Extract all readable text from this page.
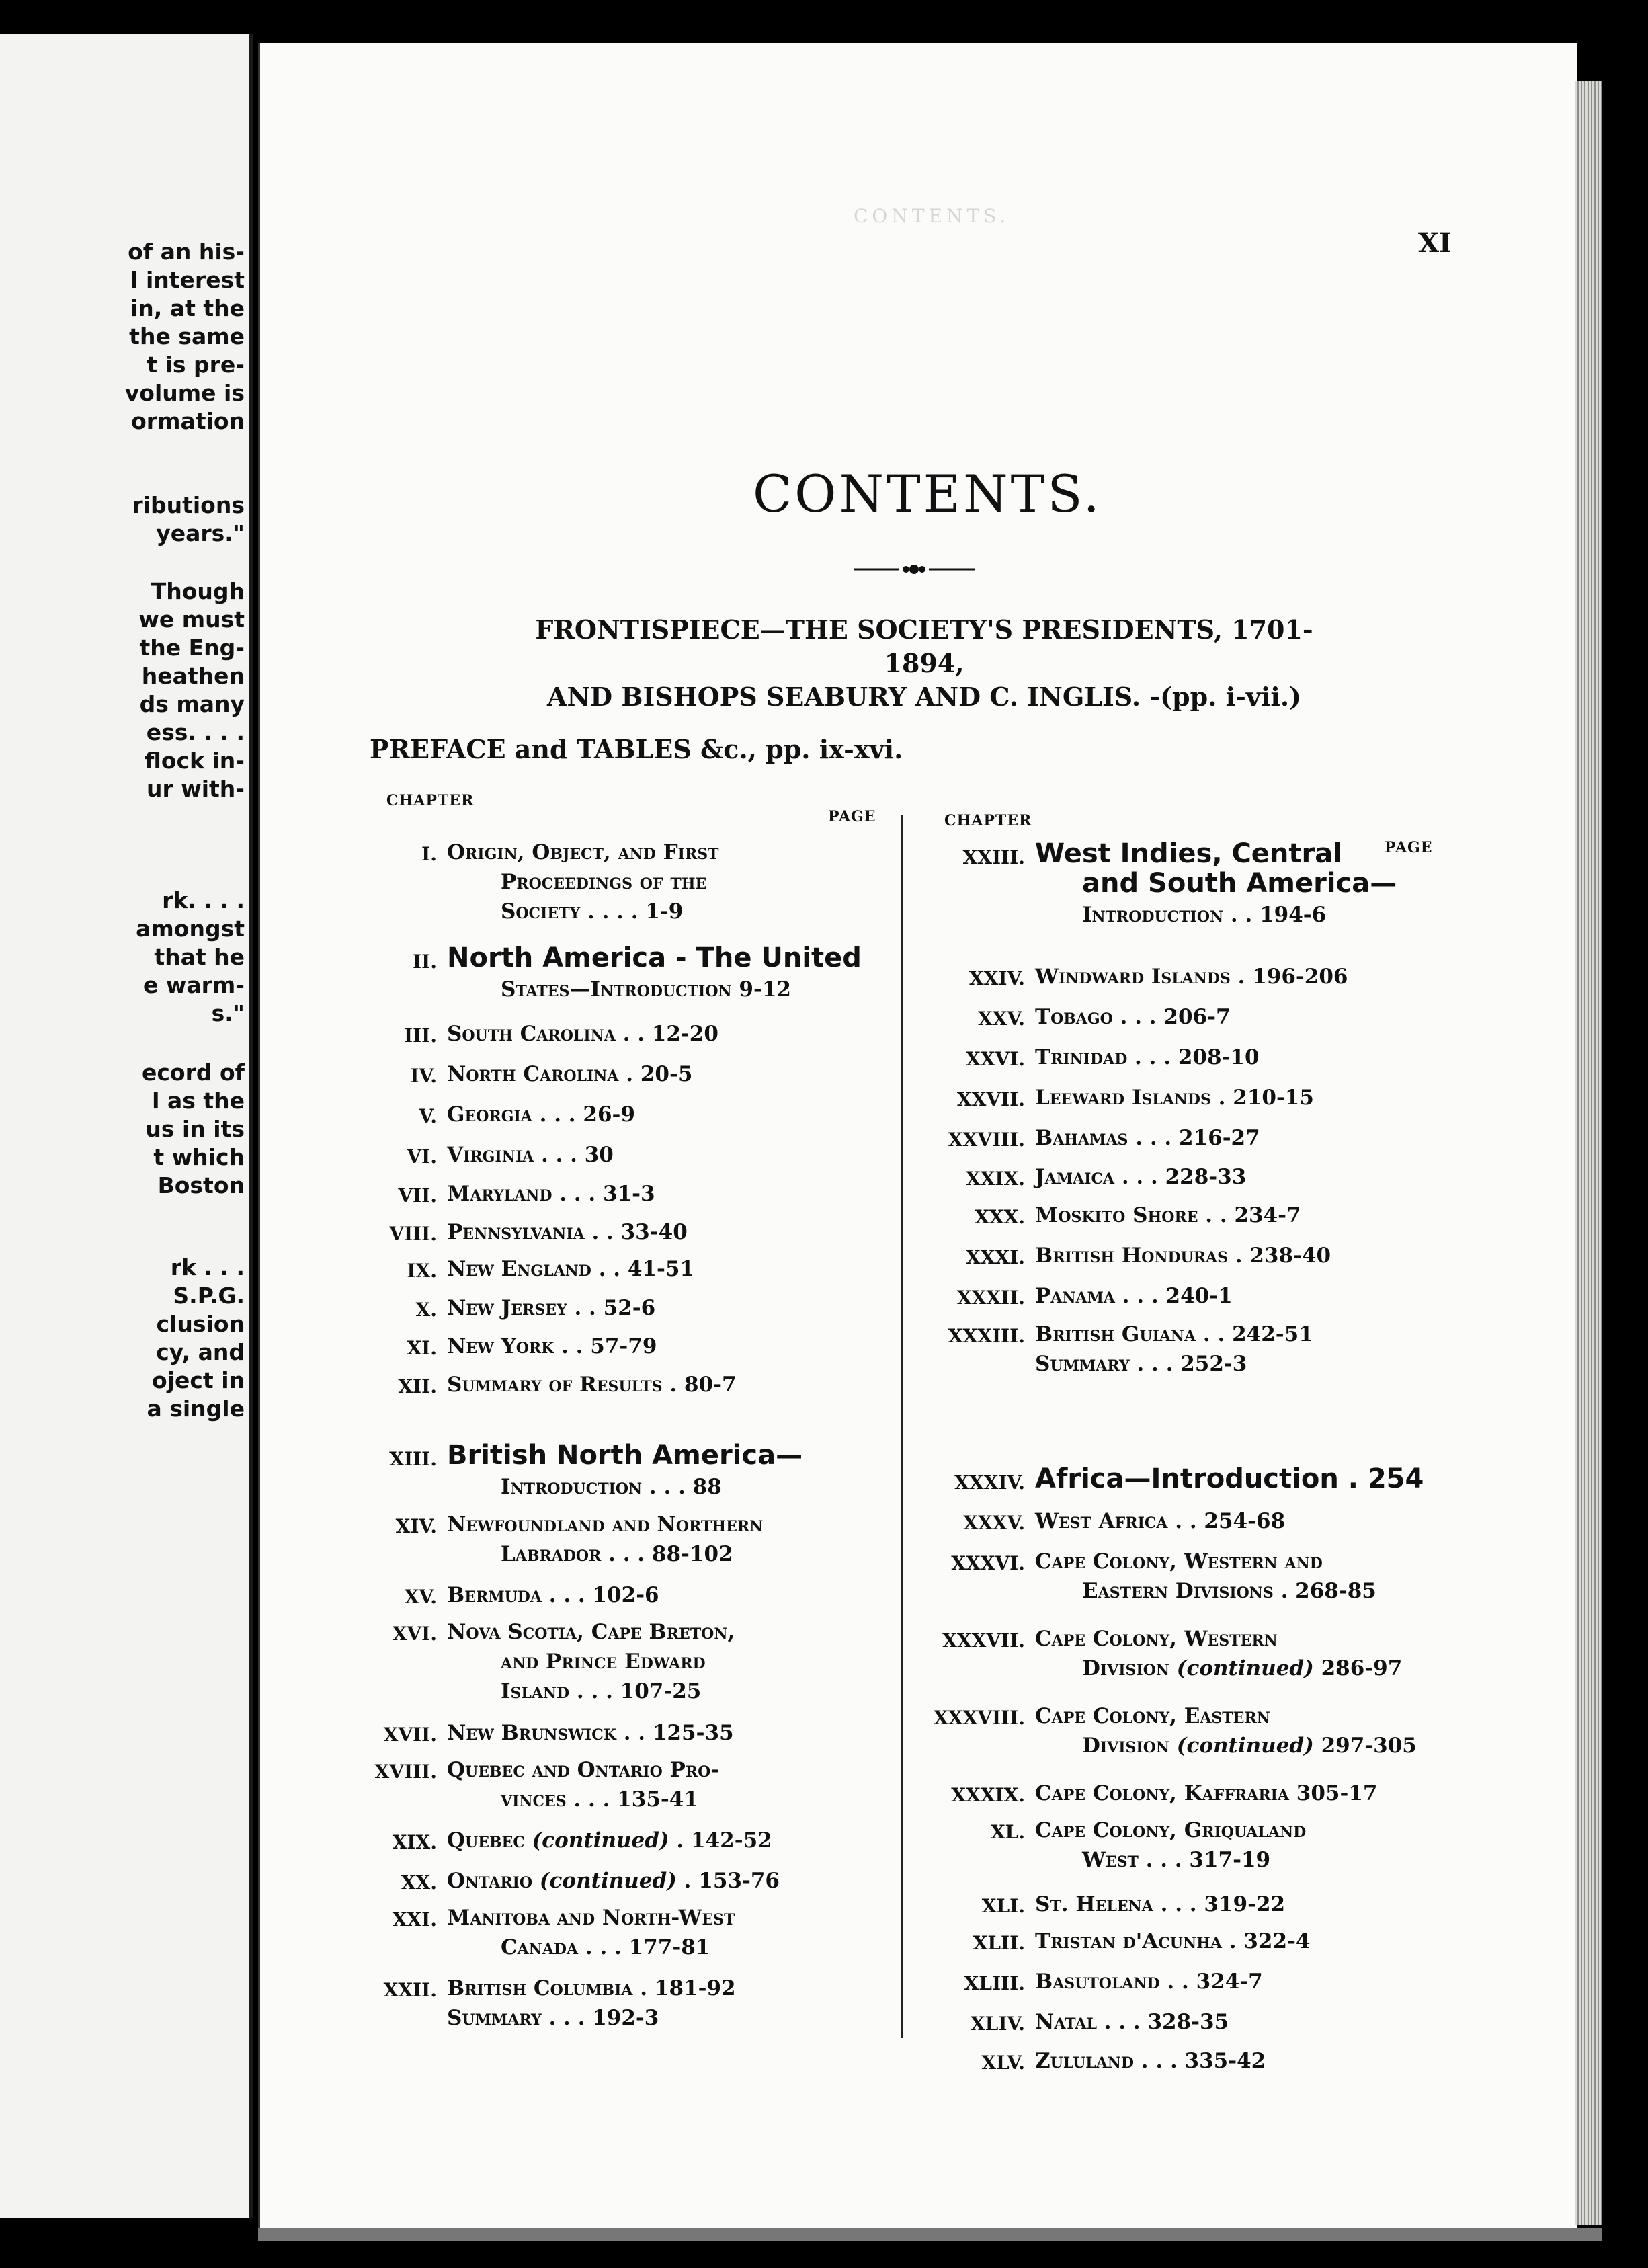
of an his-
l interest
in, at the
the same
t is pre-
volume is
ormation
ributions
years."
Though
we must
the Eng-
heathen
ds many
ess. . . .
flock in-
ur with-
rk. . . .
amongst
that he
e warm-
s."
ecord of
l as the
us in its
t which
Boston
rk . . .
S.P.G.
clusion
cy, and
oject in
a single
CONTENTS.
XI
CONTENTS.
FRONTISPIECE—THE SOCIETY'S PRESIDENTS, 1701-1894,
AND BISHOPS SEABURY AND C. INGLIS. -(pp. i-vii.)
PREFACE and TABLES &c., pp. ix-xvi.
CHAPTER
PAGE	CHAPTER
PAGE
I. Origin, Object, and First
Proceedings of the
Society . . . . 1-9
II. North America - The United
States—Introduction 9-12
III. South Carolina . . 12-20
IV. North Carolina . 20-5
V. Georgia . . . 26-9
VI. Virginia . . . 30
VII. Maryland . . . 31-3
VIII. Pennsylvania . . 33-40
IX. New England . . 41-51
X. New Jersey . . 52-6
XI. New York . . 57-79
XII. Summary of Results . 80-7
XIII. British North America—
Introduction . . . 88
XIV. Newfoundland and Northern
Labrador . . . 88-102
XV. Bermuda . . . 102-6
XVI. Nova Scotia, Cape Breton,
and Prince Edward
Island . . . 107-25
XVII. New Brunswick . . 125-35
XVIII. Quebec and Ontario Pro-
vinces . . . 135-41
XIX. Quebec (continued) . 142-52
XX. Ontario (continued) . 153-76
XXI. Manitoba and North-West
Canada . . . 177-81
XXII. British Columbia . 181-92
Summary . . . 192-3
XXIII. West Indies, Central
and South America—
Introduction . . 194-6
XXIV. Windward Islands . 196-206
XXV. Tobago . . . 206-7
XXVI. Trinidad . . . 208-10
XXVII. Leeward Islands . 210-15
XXVIII. Bahamas . . . 216-27
XXIX. Jamaica . . . 228-33
XXX. Moskito Shore . . 234-7
XXXI. British Honduras . 238-40
XXXII. Panama . . . 240-1
XXXIII. British Guiana . . 242-51
Summary . . . 252-3
XXXIV. Africa—Introduction . 254
XXXV. West Africa . . 254-68
XXXVI. Cape Colony, Western and
Eastern Divisions . 268-85
XXXVII. Cape Colony, Western
Division (continued) 286-97
XXXVIII. Cape Colony, Eastern
Division (continued) 297-305
XXXIX. Cape Colony, Kaffraria 305-17
XL. Cape Colony, Griqualand
West . . . 317-19
XLI. St. Helena . . . 319-22
XLII. Tristan d'Acunha . 322-4
XLIII. Basutoland . . 324-7
XLIV. Natal . . . 328-35
XLV. Zululand . . . 335-42
